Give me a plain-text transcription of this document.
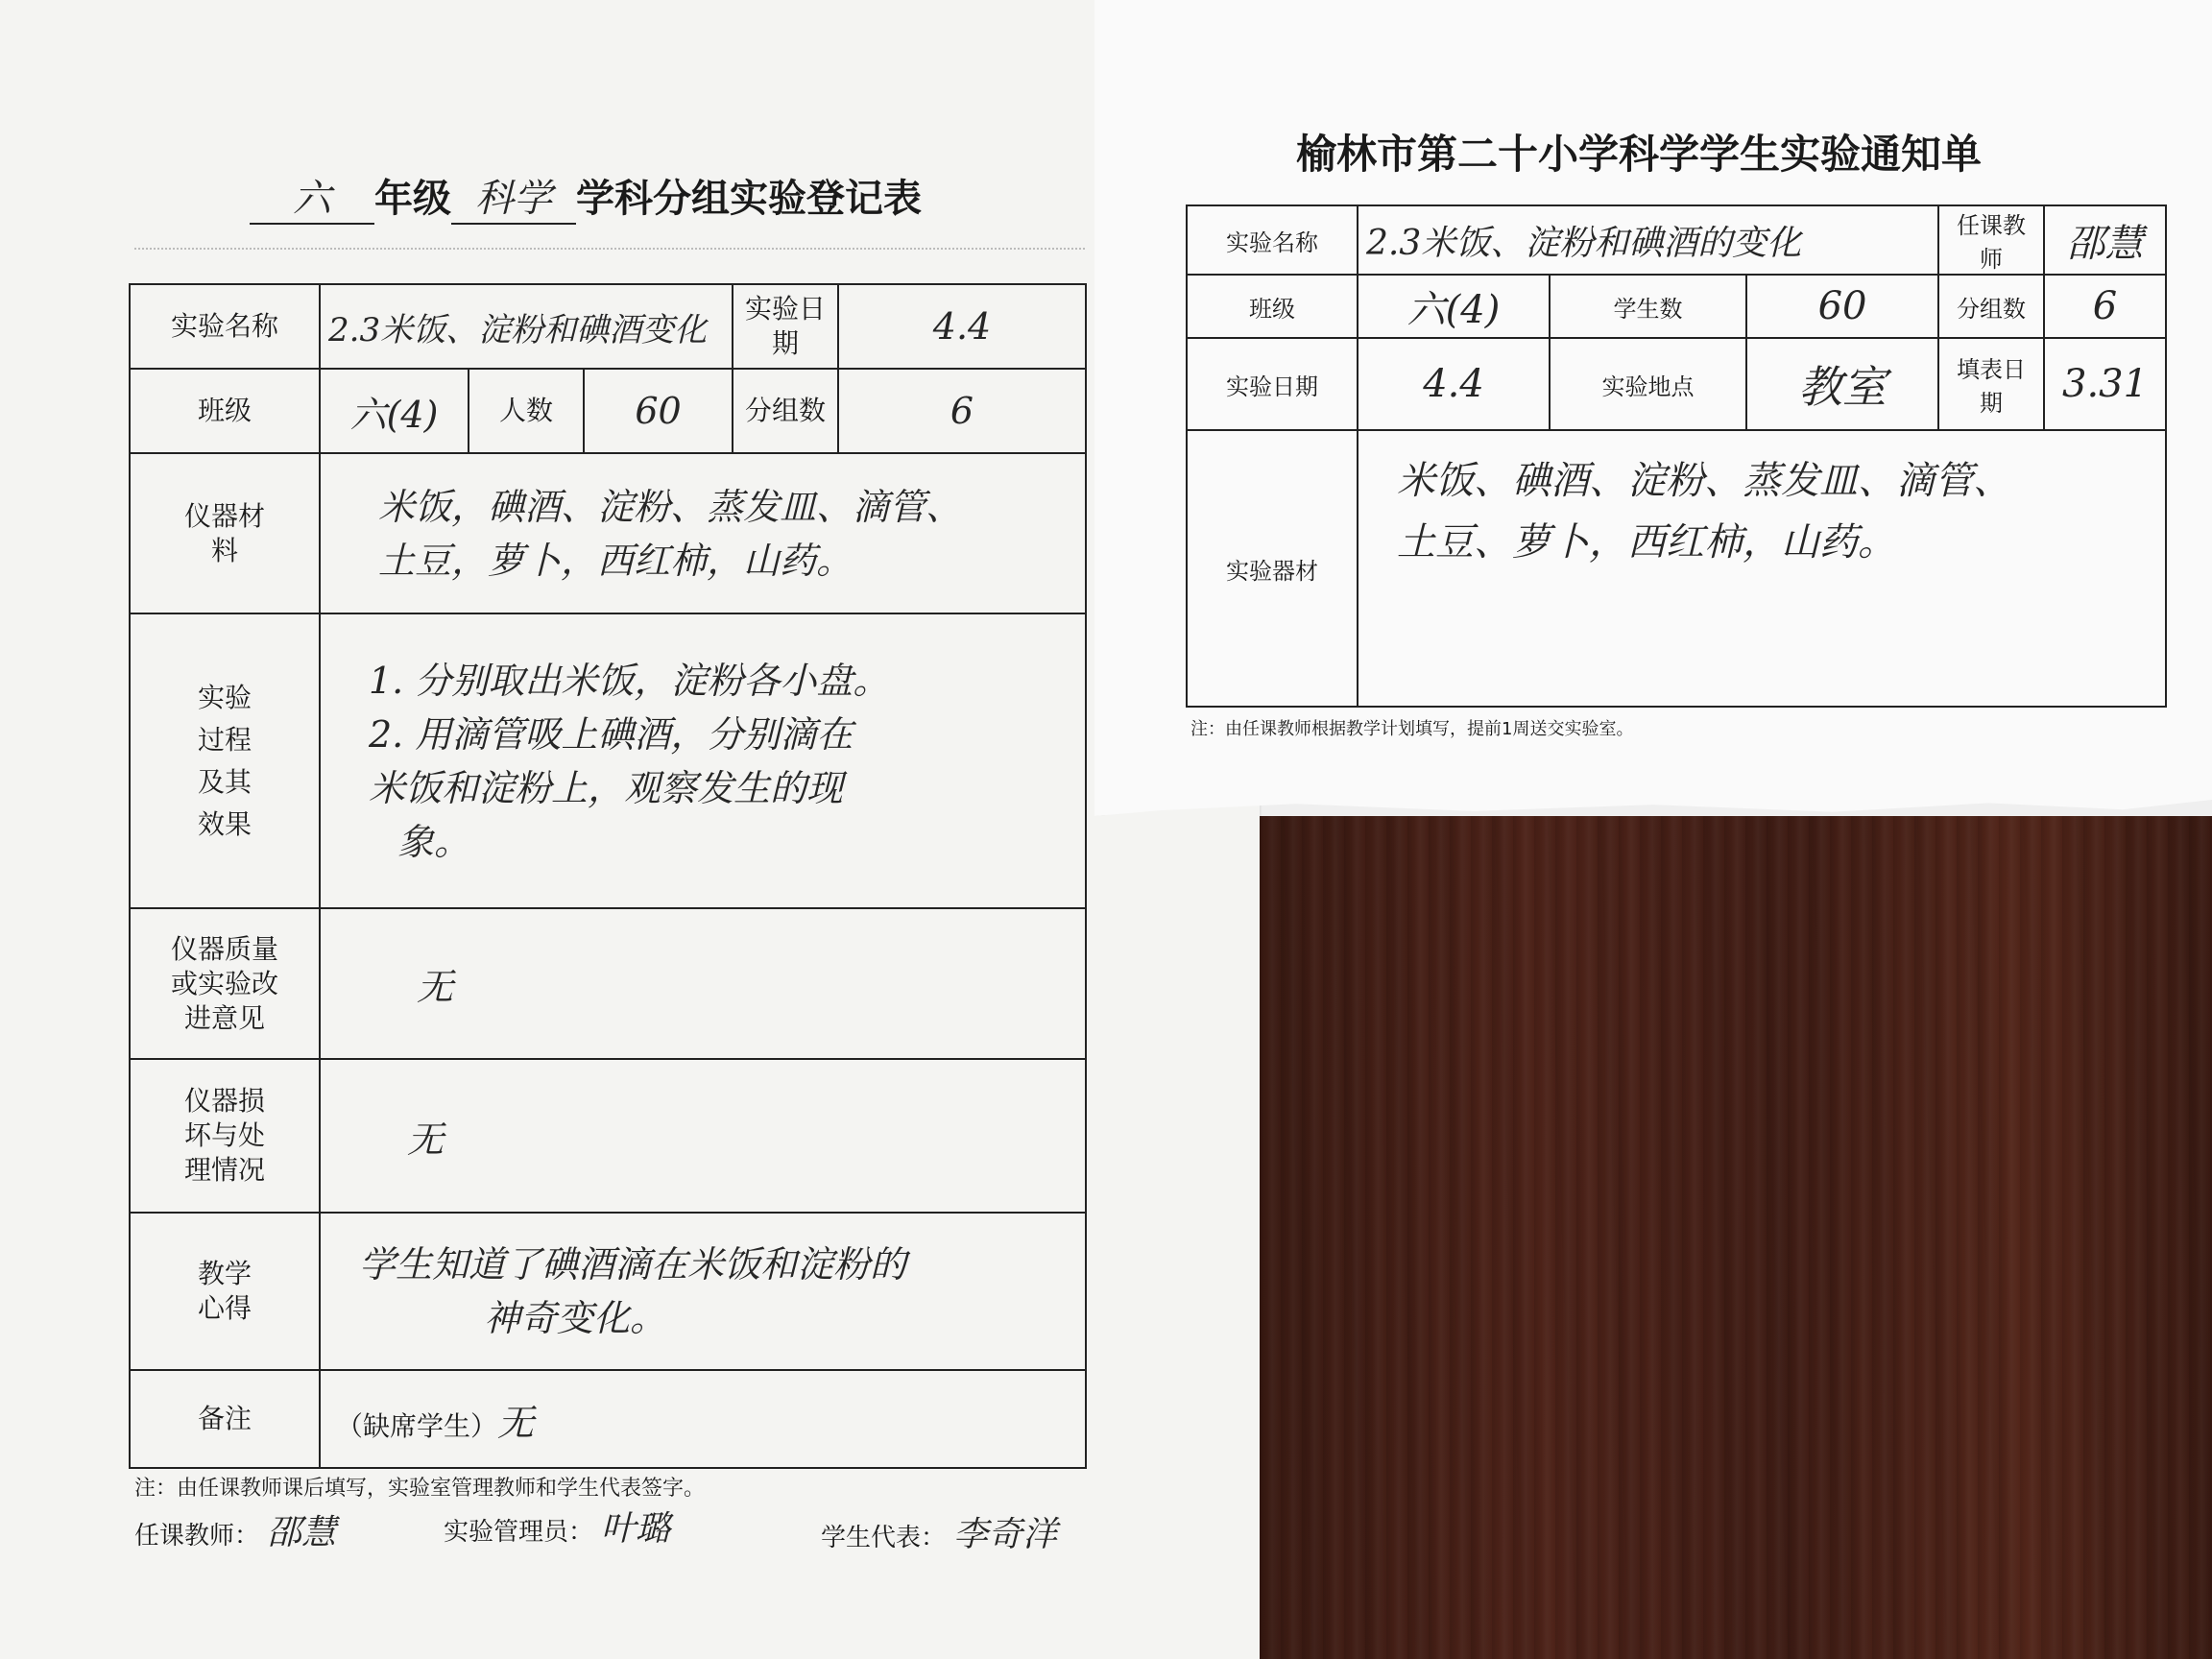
六 年级 科学 学科分组实验登记表
实验名称	2.3米饭、淀粉和碘酒变化			实验日期	4.4
班级	六(4)	人数	60	分组数	6
仪器材料	米饭，碘酒、淀粉、蒸发皿、滴管、
土豆，萝卜，西红柿，山药。				

实验过程及其效果	1. 分别取出米饭，淀粉各小盘。
2. 用滴管吸上碘酒，分别滴在
米饭和淀粉上，观察发生的现
象。				

仪器质量或实验改进意见	无				
仪器损坏与处理情况	无				
教学心得	学生知道了碘酒滴在米饭和淀粉的
神奇变化。				

备注	（缺席学生）无				
注：由任课教师课后填写，实验室管理教师和学生代表签字。
任课教师： 邵慧	实验管理员： 叶璐	学生代表： 李奇洋
榆林市第二十小学科学学生实验通知单
实验名称	2.3米饭、淀粉和碘酒的变化			任课教师	邵慧
班级	六(4)	学生数	60	分组数	6
实验日期	4.4	实验地点	教室	填表日期	3.31
实验器材	米饭、碘酒、淀粉、蒸发皿、滴管、
土豆、萝卜，西红柿，山药。				
注：由任课教师根据教学计划填写，提前1周送交实验室。
